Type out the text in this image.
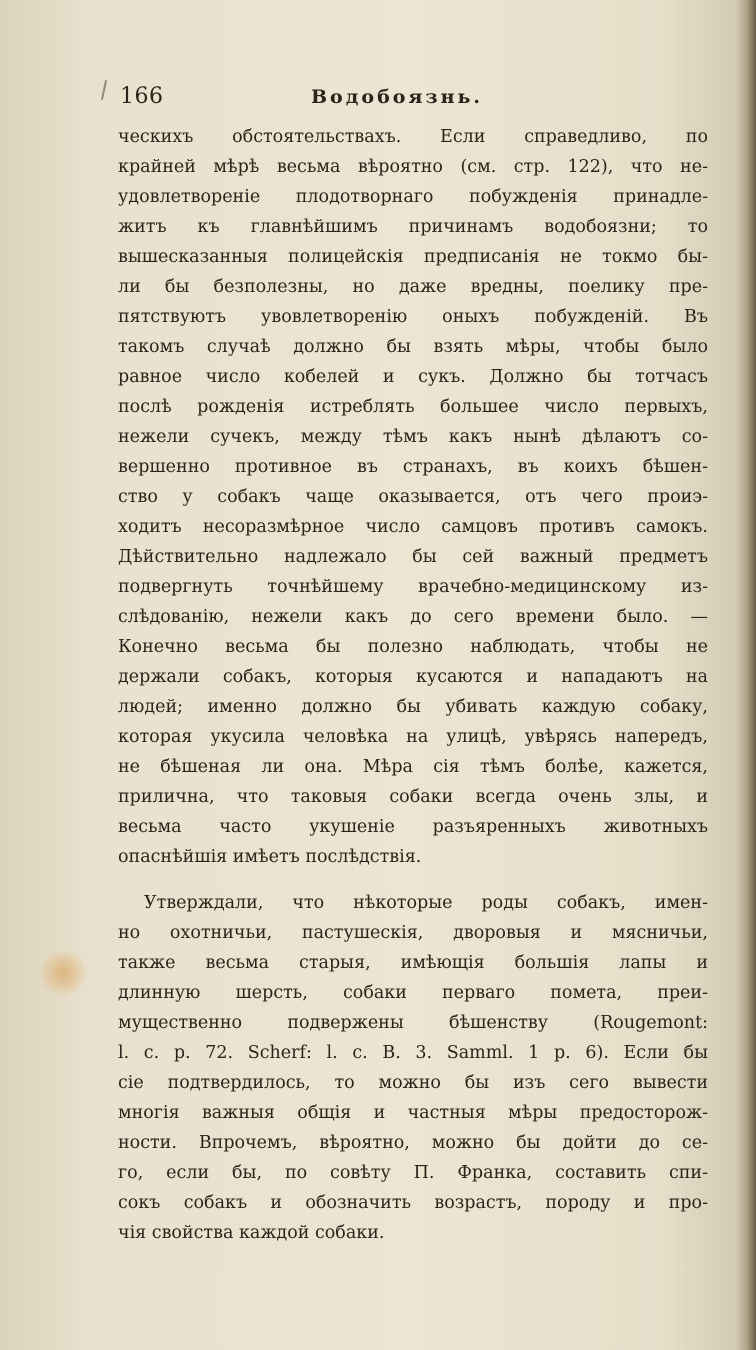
166	Водобоязнь.
ческихъ обстоятельствахъ. Если справедливо, по
крайней мѣрѣ весьма вѣроятно (см. стр. 122), что не-
удовлетвореніе плодотворнаго побужденія принадле-
житъ къ главнѣйшимъ причинамъ водобоязни; то
вышесказанныя полицейскія предписанія не токмо бы-
ли бы безполезны, но даже вредны, поелику пре-
пятствуютъ увовлетворенію оныхъ побужденій. Въ
такомъ случаѣ должно бы взять мѣры, чтобы было
равное число кобелей и сукъ. Должно бы тотчасъ
послѣ рожденія истреблять большее число первыхъ,
нежели сучекъ, между тѣмъ какъ нынѣ дѣлаютъ со-
вершенно противное въ странахъ, въ коихъ бѣшен-
ство у собакъ чаще оказывается, отъ чего проиэ-
ходитъ несоразмѣрное число самцовъ противъ самокъ.
Дѣйствительно надлежало бы сей важный предметъ
подвергнуть точнѣйшему врачебно-медицинскому из-
слѣдованію, нежели какъ до сего времени было. —
Конечно весьма бы полезно наблюдать, чтобы не
держали собакъ, которыя кусаются и нападаютъ на
людей; именно должно бы убивать каждую собаку,
которая укусила человѣка на улицѣ, увѣрясь напередъ,
не бѣшеная ли она. Мѣра сія тѣмъ болѣе, кажется,
прилична, что таковыя собаки всегда очень злы, и
весьма часто укушеніе разъяренныхъ животныхъ
опаснѣйшія имѣетъ послѣдствія.
Утверждали, что нѣкоторые роды собакъ, имен-
но охотничьи, пастушескія, дворовыя и мясничьи,
также весьма старыя, имѣющія большія лапы и
длинную шерсть, собаки перваго помета, преи-
мущественно подвержены бѣшенству (Rougemont:
l. c. p. 72. Scherf: l. c. B. 3. Samml. 1 p. 6). Если бы
сіе подтвердилось, то можно бы изъ сего вывести
многія важныя общія и частныя мѣры предосторож-
ности. Впрочемъ, вѣроятно, можно бы дойти до се-
го, если бы, по совѣту П. Франка, составить спи-
сокъ собакъ и обозначить возрастъ, породу и про-
чія свойства каждой собаки.
